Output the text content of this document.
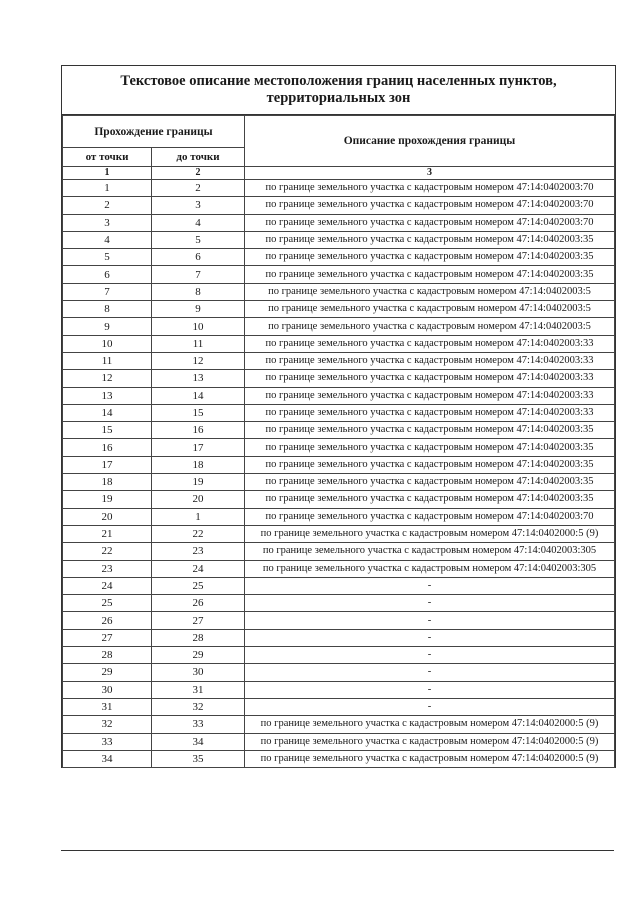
Текстовое описание местоположения границ населенных пунктов,
территориальных зон
Прохождение границы		Описание прохождения границы
от точки	до точки	
1	2	3
1	2	по границе земельного участка с кадастровым номером 47:14:0402003:70
2	3	по границе земельного участка с кадастровым номером 47:14:0402003:70
3	4	по границе земельного участка с кадастровым номером 47:14:0402003:70
4	5	по границе земельного участка с кадастровым номером 47:14:0402003:35
5	6	по границе земельного участка с кадастровым номером 47:14:0402003:35
6	7	по границе земельного участка с кадастровым номером 47:14:0402003:35
7	8	по границе земельного участка с кадастровым номером 47:14:0402003:5
8	9	по границе земельного участка с кадастровым номером 47:14:0402003:5
9	10	по границе земельного участка с кадастровым номером 47:14:0402003:5
10	11	по границе земельного участка с кадастровым номером 47:14:0402003:33
11	12	по границе земельного участка с кадастровым номером 47:14:0402003:33
12	13	по границе земельного участка с кадастровым номером 47:14:0402003:33
13	14	по границе земельного участка с кадастровым номером 47:14:0402003:33
14	15	по границе земельного участка с кадастровым номером 47:14:0402003:33
15	16	по границе земельного участка с кадастровым номером 47:14:0402003:35
16	17	по границе земельного участка с кадастровым номером 47:14:0402003:35
17	18	по границе земельного участка с кадастровым номером 47:14:0402003:35
18	19	по границе земельного участка с кадастровым номером 47:14:0402003:35
19	20	по границе земельного участка с кадастровым номером 47:14:0402003:35
20	1	по границе земельного участка с кадастровым номером 47:14:0402003:70
21	22	по границе земельного участка с кадастровым номером 47:14:0402000:5 (9)
22	23	по границе земельного участка с кадастровым номером 47:14:0402003:305
23	24	по границе земельного участка с кадастровым номером 47:14:0402003:305
24	25	-
25	26	-
26	27	-
27	28	-
28	29	-
29	30	-
30	31	-
31	32	-
32	33	по границе земельного участка с кадастровым номером 47:14:0402000:5 (9)
33	34	по границе земельного участка с кадастровым номером 47:14:0402000:5 (9)
34	35	по границе земельного участка с кадастровым номером 47:14:0402000:5 (9)
